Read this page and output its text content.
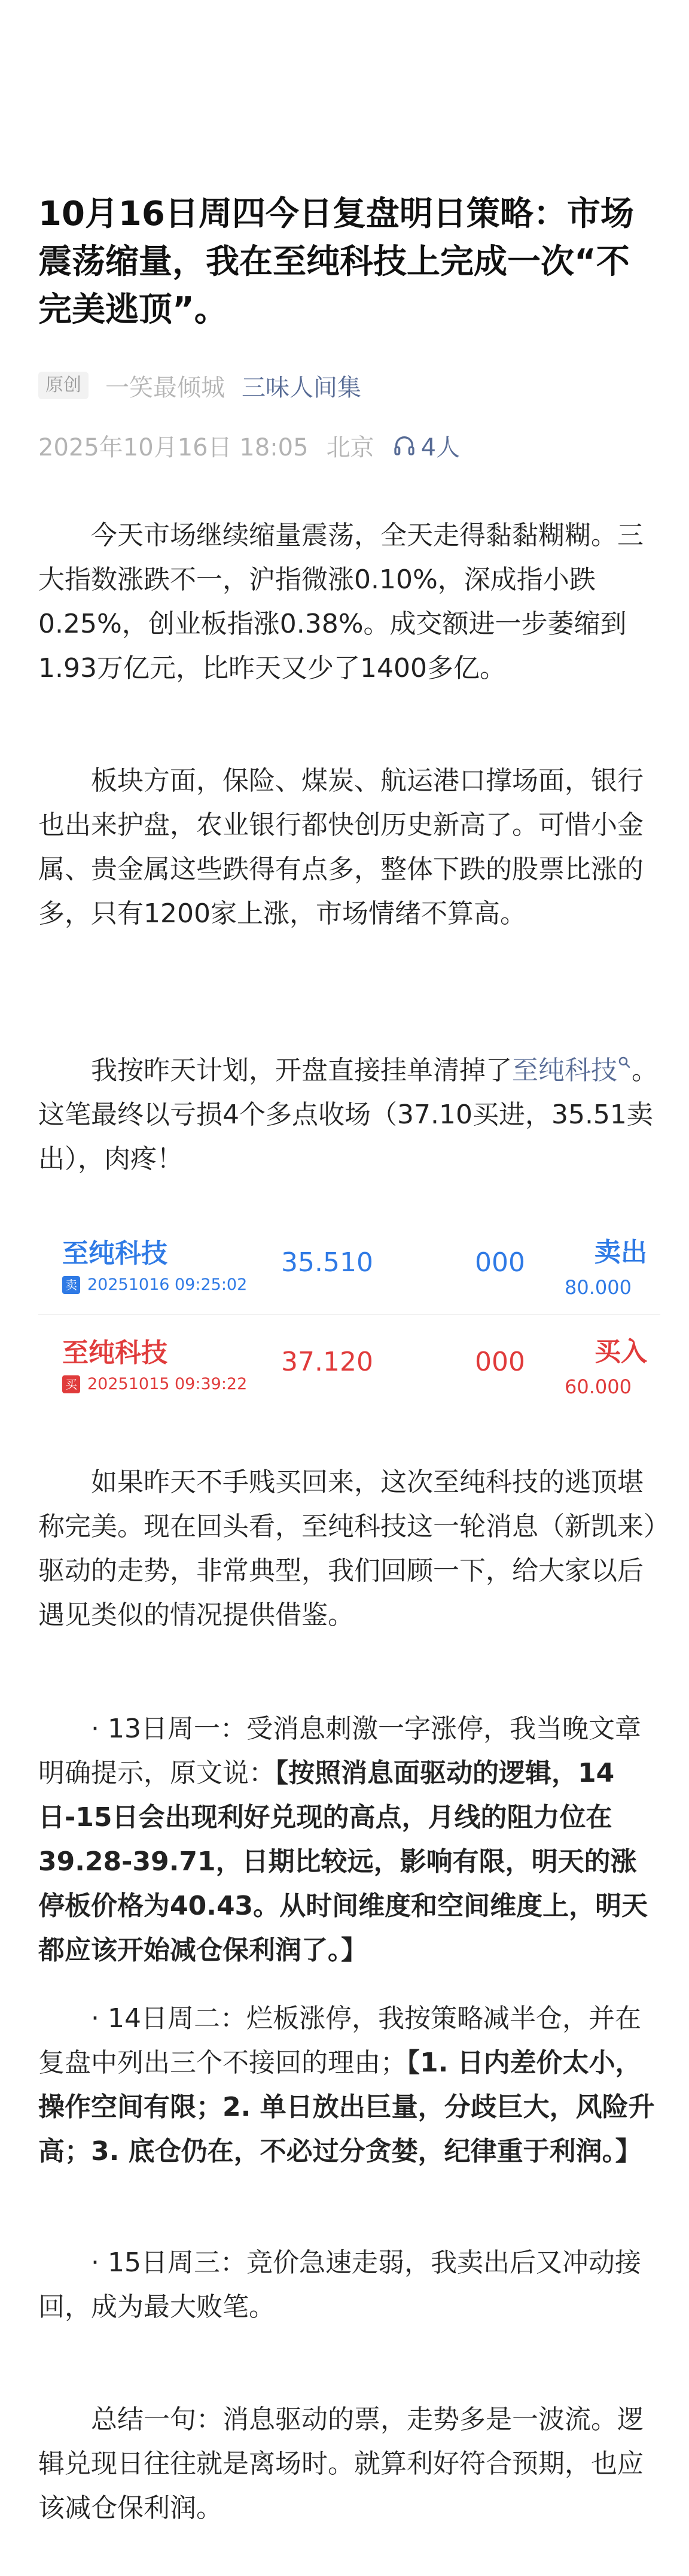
10月16日周四今日复盘明日策略：市场震荡缩量，我在至纯科技上完成一次“不完美逃顶”。
原创	一笑最倾城 三味人间集
2025年10月16日 18:05 北京 4人

今天市场继续缩量震荡，全天走得黏黏糊糊。三大指数涨跌不一，沪指微涨0.10%，深成指小跌0.25%，创业板指涨0.38%。成交额进一步萎缩到1.93万亿元，比昨天又少了1400多亿。

板块方面，保险、煤炭、航运港口撑场面，银行也出来护盘，农业银行都快创历史新高了。可惜小金属、贵金属这些跌得有点多，整体下跌的股票比涨的多，只有1200家上涨，市场情绪不算高。

我按昨天计划，开盘直接挂单清掉了至纯科技 。这笔最终以亏损4个多点收场（37.10买进，35.51卖出），肉疼！

至纯科技
卖 20251016 09:25:02
35.510	000	卖出
80.000
至纯科技
买 20251015 09:39:22
37.120	000	买入
60.000

如果昨天不手贱买回来，这次至纯科技的逃顶堪称完美。现在回头看，至纯科技这一轮消息（新凯来）驱动的走势，非常典型，我们回顾一下，给大家以后遇见类似的情况提供借鉴。

· 13日周一：受消息刺激一字涨停，我当晚文章明确提示，原文说：【按照消息面驱动的逻辑，14日-15日会出现利好兑现的高点，月线的阻力位在39.28-39.71，日期比较远，影响有限，明天的涨停板价格为40.43。从时间维度和空间维度上，明天都应该开始减仓保利润了。】

· 14日周二：烂板涨停，我按策略减半仓，并在复盘中列出三个不接回的理由；【1. 日内差价太小，操作空间有限；2. 单日放出巨量，分歧巨大，风险升高；3. 底仓仍在，不必过分贪婪，纪律重于利润。】

· 15日周三：竞价急速走弱，我卖出后又冲动接回，成为最大败笔。

总结一句：消息驱动的票，走势多是一波流。逻辑兑现日往往就是离场时。就算利好符合预期，也应该减仓保利润。
